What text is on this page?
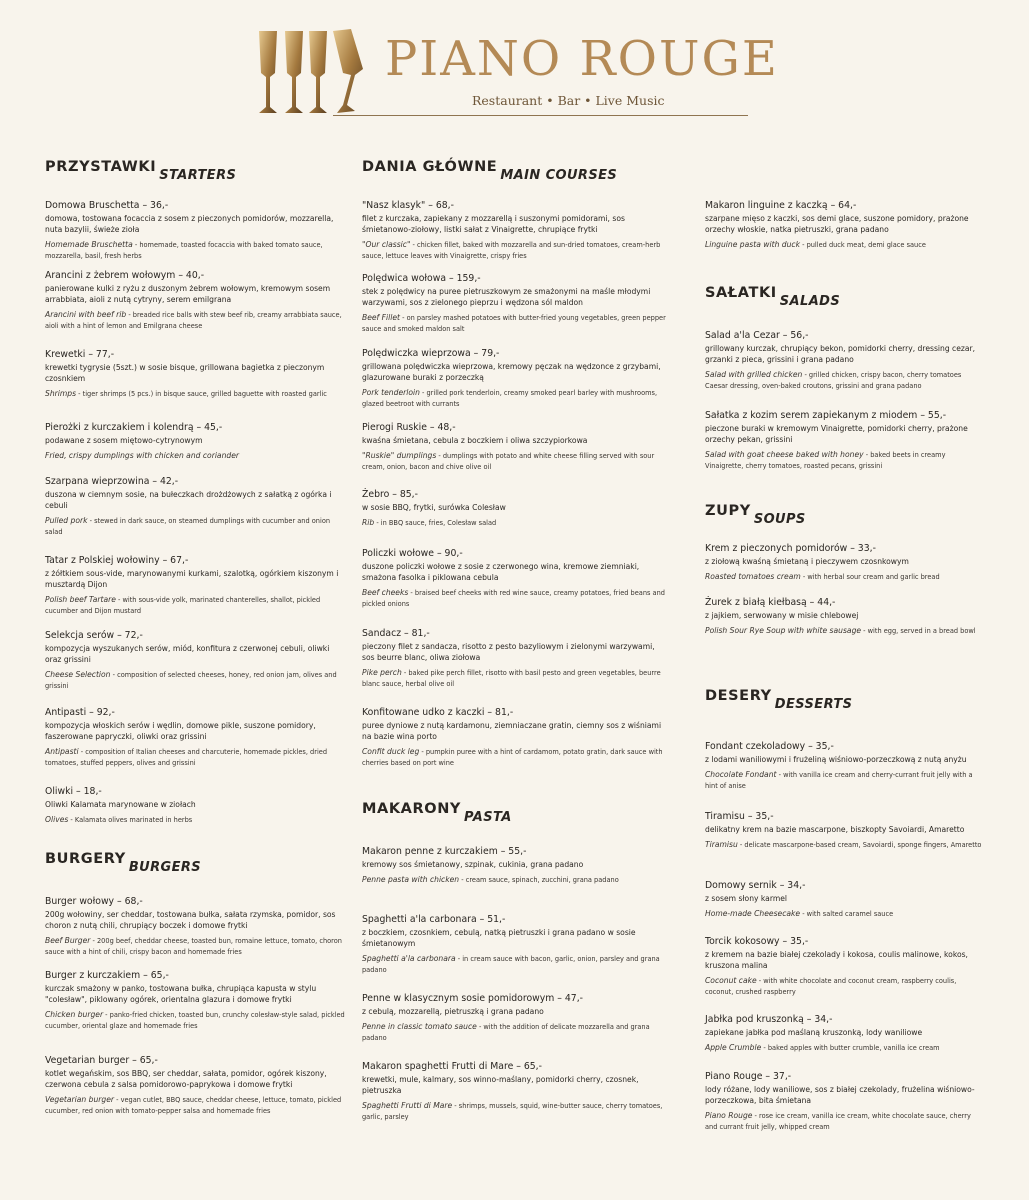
PIANO ROUGE
Restaurant • Bar • Live Music
$PRZYSTAWKI_{STARTERS}$
Domowa Bruschetta – 36,-
domowa, tostowana focaccia z sosem z pieczonych pomidorów, mozzarella, nuta bazylii, świeże zioła
Homemade Bruschetta - homemade, toasted focaccia with baked tomato sauce, mozzarella, basil, fresh herbs
Arancini z żebrem wołowym – 40,-
panierowane kulki z ryżu z duszonym żebrem wołowym, kremowym sosem arrabbiata, aioli z nutą cytryny, serem emilgrana
Arancini with beef rib - breaded rice balls with stew beef rib, creamy arrabbiata sauce, aioli with a hint of lemon and Emilgrana cheese
Krewetki – 77,-
krewetki tygrysie (5szt.) w sosie bisque, grillowana bagietka z pieczonym czosnkiem
Shrimps - tiger shrimps (5 pcs.) in bisque sauce, grilled baguette with roasted garlic
Pierożki z kurczakiem i kolendrą – 45,-
podawane z sosem miętowo-cytrynowym
Fried, crispy dumplings with chicken and coriander
Szarpana wieprzowina – 42,-
duszona w ciemnym sosie, na bułeczkach drożdżowych z sałatką z ogórka i cebuli
Pulled pork - stewed in dark sauce, on steamed dumplings with cucumber and onion salad
Tatar z Polskiej wołowiny – 67,-
z żółtkiem sous-vide, marynowanymi kurkami, szalotką, ogórkiem kiszonym i musztardą Dijon
Polish beef Tartare - with sous-vide yolk, marinated chanterelles, shallot, pickled cucumber and Dijon mustard
Selekcja serów – 72,-
kompozycja wyszukanych serów, miód, konfitura z czerwonej cebuli, oliwki oraz grissini
Cheese Selection - composition of selected cheeses, honey, red onion jam, olives and grissini
Antipasti – 92,-
kompozycja włoskich serów i wędlin, domowe pikle, suszone pomidory, faszerowane papryczki, oliwki oraz grissini
Antipasti - composition of Italian cheeses and charcuterie, homemade pickles, dried tomatoes, stuffed peppers, olives and grissini
Oliwki – 18,-
Oliwki Kalamata marynowane w ziołach
Olives - Kalamata olives marinated in herbs
$BURGERY_{BURGERS}$
Burger wołowy – 68,-
200g wołowiny, ser cheddar, tostowana bułka, sałata rzymska, pomidor, sos choron z nutą chili, chrupiący boczek i domowe frytki
Beef Burger - 200g beef, cheddar cheese, toasted bun, romaine lettuce, tomato, choron sauce with a hint of chili, crispy bacon and homemade fries
Burger z kurczakiem – 65,-
kurczak smażony w panko, tostowana bułka, chrupiąca kapusta w stylu "colesław", piklowany ogórek, orientalna glazura i domowe frytki
Chicken burger - panko-fried chicken, toasted bun, crunchy colesław-style salad, pickled cucumber, oriental glaze and homemade fries
Vegetarian burger – 65,-
kotlet wegańskim, sos BBQ, ser cheddar, sałata, pomidor, ogórek kiszony, czerwona cebula z salsa pomidorowo-paprykowa i domowe frytki
Vegetarian burger - vegan cutlet, BBQ sauce, cheddar cheese, lettuce, tomato, pickled cucumber, red onion with tomato-pepper salsa and homemade fries
DANIA $GŁÓWNE_{MAIN COURSES}$
"Nasz klasyk" – 68,-
filet z kurczaka, zapiekany z mozzarellą i suszonymi pomidorami, sos śmietanowo-ziołowy, listki sałat z Vinaigrette, chrupiące frytki
"Our classic" - chicken fillet, baked with mozzarella and sun-dried tomatoes, cream-herb sauce, lettuce leaves with Vinaigrette, crispy fries
Polędwica wołowa – 159,-
stek z polędwicy na puree pietruszkowym ze smażonymi na maśle młodymi warzywami, sos z zielonego pieprzu i wędzona sól maldon
Beef Fillet - on parsley mashed potatoes with butter-fried young vegetables, green pepper sauce and smoked maldon salt
Polędwiczka wieprzowa – 79,-
grillowana polędwiczka wieprzowa, kremowy pęczak na wędzonce z grzybami, glazurowane buraki z porzeczką
Pork tenderloin - grilled pork tenderloin, creamy smoked pearl barley with mushrooms, glazed beetroot with currants
Pierogi Ruskie – 48,-
kwaśna śmietana, cebula z boczkiem i oliwa szczypiorkowa
"Ruskie" dumplings - dumplings with potato and white cheese filling served with sour cream, onion, bacon and chive olive oil
Żebro – 85,-
w sosie BBQ, frytki, surówka Colesław
Rib - in BBQ sauce, fries, Colesław salad
Policzki wołowe – 90,-
duszone policzki wołowe z sosie z czerwonego wina, kremowe ziemniaki, smażona fasolka i piklowana cebula
Beef cheeks - braised beef cheeks with red wine sauce, creamy potatoes, fried beans and pickled onions
Sandacz – 81,-
pieczony filet z sandacza, risotto z pesto bazyliowym i zielonymi warzywami, sos beurre blanc, oliwa ziołowa
Pike perch - baked pike perch fillet, risotto with basil pesto and green vegetables, beurre blanc sauce, herbal olive oil
Konfitowane udko z kaczki – 81,-
puree dyniowe z nutą kardamonu, ziemniaczane gratin, ciemny sos z wiśniami na bazie wina porto
Confit duck leg - pumpkin puree with a hint of cardamom, potato gratin, dark sauce with cherries based on port wine
$MAKARONY_{PASTA}$
Makaron penne z kurczakiem – 55,-
kremowy sos śmietanowy, szpinak, cukinia, grana padano
Penne pasta with chicken - cream sauce, spinach, zucchini, grana padano
Spaghetti a'la carbonara – 51,-
z boczkiem, czosnkiem, cebulą, natką pietruszki i grana padano w sosie śmietanowym
Spaghetti a'la carbonara - in cream sauce with bacon, garlic, onion, parsley and grana padano
Penne w klasycznym sosie pomidorowym – 47,-
z cebulą, mozzarellą, pietruszką i grana padano
Penne in classic tomato sauce - with the addition of delicate mozzarella and grana padano
Makaron spaghetti Frutti di Mare – 65,-
krewetki, mule, kalmary, sos winno-maślany, pomidorki cherry, czosnek, pietruszka
Spaghetti Frutti di Mare - shrimps, mussels, squid, wine-butter sauce, cherry tomatoes, garlic, parsley
Makaron linguine z kaczką – 64,-
szarpane mięso z kaczki, sos demi glace, suszone pomidory, prażone orzechy włoskie, natka pietruszki, grana padano
Linguine pasta with duck - pulled duck meat, demi glace sauce
$SAŁATKI_{SALADS}$
Salad a'la Cezar – 56,-
grillowany kurczak, chrupiący bekon, pomidorki cherry, dressing cezar, grzanki z pieca, grissini i grana padano
Salad with grilled chicken - grilled chicken, crispy bacon, cherry tomatoes Caesar dressing, oven-baked croutons, grissini and grana padano
Sałatka z kozim serem zapiekanym z miodem – 55,-
pieczone buraki w kremowym Vinaigrette, pomidorki cherry, prażone orzechy pekan, grissini
Salad with goat cheese baked with honey - baked beets in creamy Vinaigrette, cherry tomatoes, roasted pecans, grissini
$ZUPY_{SOUPS}$
Krem z pieczonych pomidorów – 33,-
z ziołową kwaśną śmietaną i pieczywem czosnkowym
Roasted tomatoes cream - with herbal sour cream and garlic bread
Żurek z białą kiełbasą – 44,-
z jajkiem, serwowany w misie chlebowej
Polish Sour Rye Soup with white sausage - with egg, served in a bread bowl
$DESERY_{DESSERTS}$
Fondant czekoladowy – 35,-
z lodami waniliowymi i frużeliną wiśniowo-porzeczkową z nutą anyżu
Chocolate Fondant - with vanilla ice cream and cherry-currant fruit jelly with a hint of anise
Tiramisu – 35,-
delikatny krem na bazie mascarpone, biszkopty Savoiardi, Amaretto
Tiramisu - delicate mascarpone-based cream, Savoiardi, sponge fingers, Amaretto
Domowy sernik – 34,-
z sosem słony karmel
Home-made Cheesecake - with salted caramel sauce
Torcik kokosowy – 35,-
z kremem na bazie białej czekolady i kokosa, coulis malinowe, kokos, kruszona malina
Coconut cake - with white chocolate and coconut cream, raspberry coulis, coconut, crushed raspberry
Jabłka pod kruszonką – 34,-
zapiekane jabłka pod maślaną kruszonką, lody waniliowe
Apple Crumble - baked apples with butter crumble, vanilla ice cream
Piano Rouge – 37,-
lody różane, lody waniliowe, sos z białej czekolady, frużelina wiśniowo-porzeczkowa, bita śmietana
Piano Rouge - rose ice cream, vanilla ice cream, white chocolate sauce, cherry and currant fruit jelly, whipped cream
